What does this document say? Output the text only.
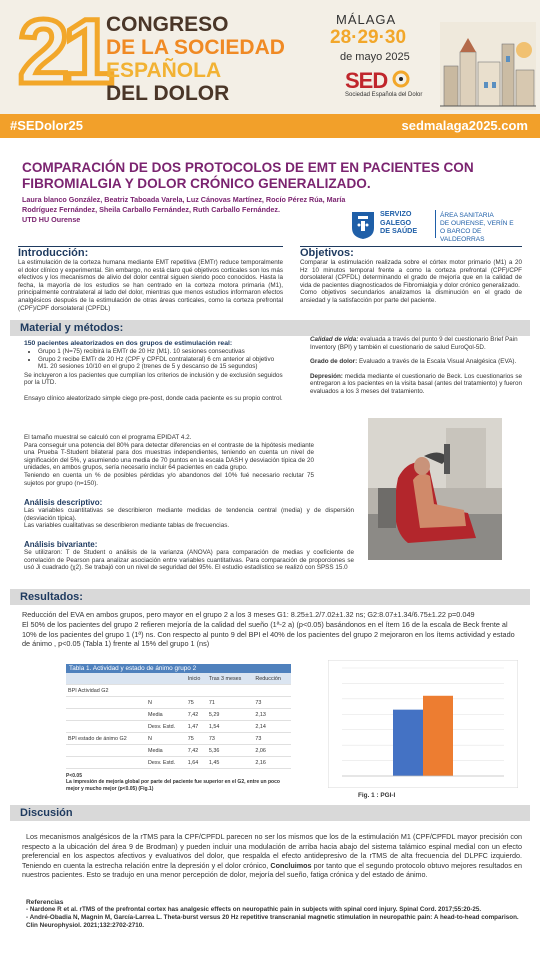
21
CONGRESO
DE LA SOCIEDAD
ESPAÑOLA
DEL DOLOR
MÁLAGA
28·29·30
de mayo 2025
SED
Sociedad Española del Dolor
#SEDolor25	sedmalaga2025.com
COMPARACIÓN DE DOS PROTOCOLOS DE EMT EN PACIENTES CON FIBROMIALGIA Y DOLOR CRÓNICO GENERALIZADO.
Laura blanco González, Beatriz Taboada Varela, Luz Cánovas Martínez, Rocío Pérez Rúa, María Rodríguez Fernández, Sheila Carballo Fernández, Ruth Carballo Fernández.
UTD HU Ourense
SERVIZO
GALEGO
DE SAÚDE
ÁREA SANITARIA
DE OURENSE, VERÍN E
O BARCO DE VALDEORRAS
Introducción:
La estimulación de la corteza humana mediante EMT repetitiva (EMTr) reduce temporalmente el dolor clínico y experimental. Sin embargo, no está claro qué objetivos corticales son los más efectivos y los mecanismos de alivio del dolor central siguen siendo poco conocidos. Hasta la fecha, la mayoría de los estudios se han centrado en la corteza motora primaria (M1), principalmente contralateral al lado del dolor, mientras que menos estudios informaron efectos analgésicos después de la estimulación de otras áreas corticales, como la corteza prefrontal (CPF)/CPF dorsolateral (CPFDL)
Objetivos:
Comparar la estimulación realizada sobre el córtex motor primario (M1) a 20 Hz 10 minutos temporal frente a como la corteza prefrontal (CPF)/CPF dorsolateral (CPFDL) determinando el grado de mejoría que en la calidad de vida de pacientes diagnosticados de Fibromialgia y dolor crónico generalizado.
Como objetivos secundarios analizamos la disminución en el grado de ansiedad y la satisfacción por parte del paciente.
Material y métodos:
150 pacientes aleatorizados en dos grupos de estimulación real:
• Grupo 1 (N=75) recibirá la EMTr de 20 Hz (M1). 10 sesiones consecutivas
• Grupo 2 recibe EMTr de 20 Hz (CPF y CPFDL contralateral) 6 cm anterior al objetivo M1. 20 sesiones 10/10 en el grupo 2 (trenes de 5 y descanso de 15 segundos)
Se incluyeron a los pacientes que cumplían los criterios de inclusión y de exclusión seguidos por la UTD.
Ensayo clínico aleatorizado simple ciego pre-post, donde cada paciente es su propio control.
Calidad de vida: evaluada a través del punto 9 del cuestionario Brief Pain Inventory (BPI) y también el cuestionario de salud EuroQol-5D.
Grado de dolor: Evaluado a través de la Escala Visual Analgésica (EVA).
Depresión: medida mediante el cuestionario de Beck. Los cuestionarios se entregaron a los pacientes en la visita basal (antes del tratamiento) y fueron evaluados a los 3 meses del tratamiento.
El tamaño muestral se calculó con el programa EPIDAT 4.2.
Para conseguir una potencia del 80% para detectar diferencias en el contraste de la hipótesis mediante una Prueba T-Student bilateral para dos muestras independientes, teniendo en cuenta un nivel de significación del 5%, y asumiendo una media de 70 puntos en la escala DASH y desviación típica de 20 unidades, en ambos grupos, sería necesario incluir 64 pacientes en cada grupo.
Teniendo en cuenta un % de posibles pérdidas y/o abandonos del 10% fué necesario reclutar 75 sujetos por grupo (n=150).
Análisis descriptivo:
Las variables cuantitativas se describieron mediante medidas de tendencia central (media) y de dispersión (desviación típica).
Las variables cualitativas se describieron mediante tablas de frecuencias.
Análisis bivariante:
Se utilizaron: T de Student o análisis de la varianza (ANOVA) para comparación de medias y coeficiente de correlación de Pearson para analizar asociación entre variables cuantitativas. Para comparación de proporciones se usó Ji cuadrado (χ2). Se trabajó con un nivel de seguridad del 95%. El estudio estadístico se realizó con SPSS 15.0
Resultados:
Reducción del EVA en ambos grupos, pero mayor en el grupo 2 a los 3 meses G1: 8.25±1.2/7.02±1.32 ns; G2:8.07±1.34/6.75±1.22 p=0.049
El 50% de los pacientes del grupo 2 refieren mejoría de la calidad del sueño (1ª-2 a) (p<0.05) basándonos en el ítem 16 de la escala de Beck frente al 10% de los pacientes del grupo 1 (1ª) ns. Con respecto al punto 9 del BPI el 40% de los pacientes del grupo 2 mejoraron en los ítems actividad y estado de ánimo , p<0.05 (Tabla 1) frente al 15% del grupo 1 (ns)
Tabla 1. Actividad y estado de ánimo grupo 2
		Inicio	Tras 3 meses	Reducción
BPI Actividad G2				
	N	75	71	73
	Media	7,42	5,29	2,13
	Desv. Estd.	1,47	1,54	2,14
BPI estado de ánimo G2	N	75	73	73
	Media	7,42	5,36	2,06
	Desv. Estd.	1,64	1,45	2,16
P<0.05
La impresión de mejoría global por parte del paciente fue superior en el G2, entre un poco mejor y mucho mejor (p<0.05) (Fig.1)
Fig. 1 : PGI-I
Discusión
Los mecanismos analgésicos de la rTMS para la CPF/CPFDL parecen no ser los mismos que los de la estimulación M1 (CPF/CPFDL mayor precisión con respecto a la ubicación del área 9 de Brodman) y pueden incluir una modulación de arriba hacia abajo del sistema talámico espinal medial con un efecto preferencial en los aspectos afectivos y evaluativos del dolor, que respalda el efecto antidepresivo de la rTMS de alta frecuencia del DLPFC izquierdo. Teniendo en cuenta la estrecha relación entre la depresión y el dolor crónico, Concluimos por tanto que el segundo protocolo obtuvo mejores resultados en nuestros pacientes. Esto se tradujo en una menor percepción de dolor, mejoría del sueño, fatiga crónica y del estado de ánimo.
Referencias
- Nardone R et al. rTMS of the prefrontal cortex has analgesic effects on neuropathic pain in subjects with spinal cord injury. Spinal Cord. 2017;55:20-25.
- André-Obadia N, Magnin M, García-Larrea L. Theta-burst versus 20 Hz repetitive transcranial magnetic stimulation in neuropathic pain: A head-to-head comparison. Clin Neurophysiol. 2021;132:2702-2710.
